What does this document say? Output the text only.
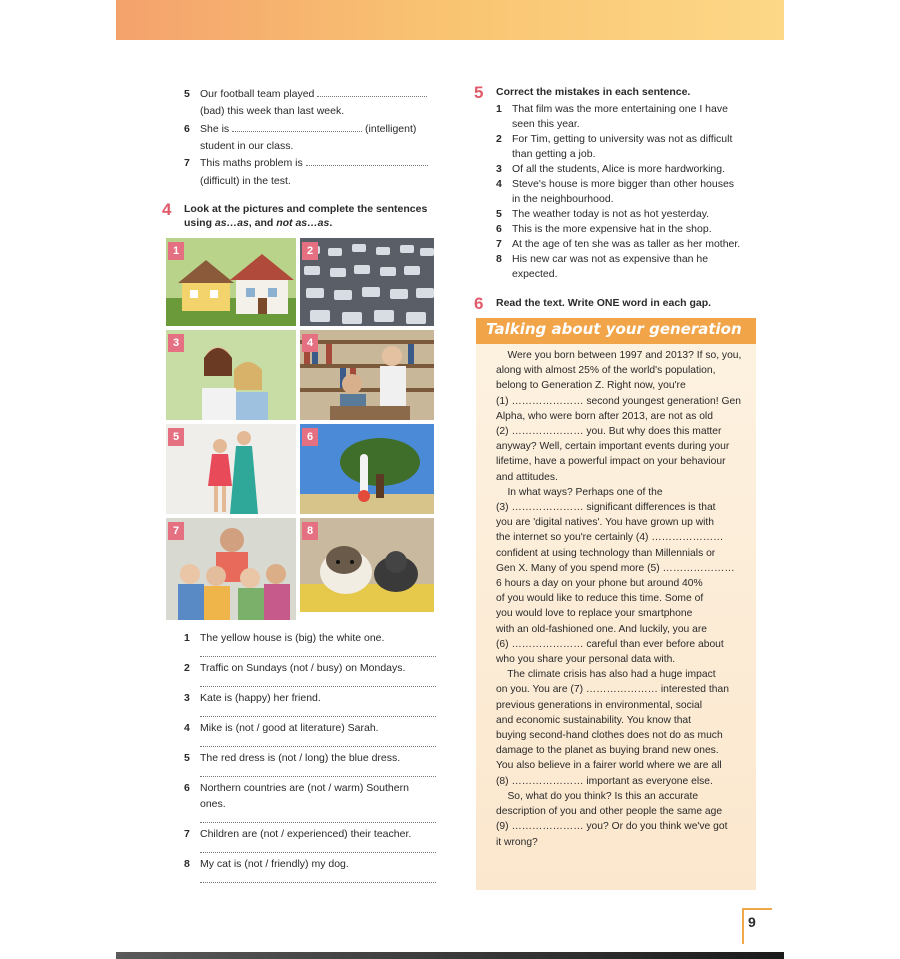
5 Our football team played
(bad) this week than last week.
6 She is	(intelligent)
student in our class.
7 This maths problem is
(difficult) in the test.
4 Look at the pictures and complete the sentences
using as…as, and not as…as.
1	2
3	4
5	6
7	8
1 The yellow house is (big) the white one.
2 Traffic on Sundays (not / busy) on Mondays.
3 Kate is (happy) her friend.
4 Mike is (not / good at literature) Sarah.
5 The red dress is (not / long) the blue dress.
6 Northern countries are (not / warm) Southern
ones.
7 Children are (not / experienced) their teacher.
8 My cat is (not / friendly) my dog.
5 Correct the mistakes in each sentence.
1 That film was the more entertaining one I have
seen this year.
2 For Tim, getting to university was not as difficult
than getting a job.
3 Of all the students, Alice is more hardworking.
4 Steve's house is more bigger than other houses
in the neighbourhood.
5 The weather today is not as hot yesterday.
6 This is the more expensive hat in the shop.
7 At the age of ten she was as taller as her mother.
8 His new car was not as expensive than he
expected.
6 Read the text. Write ONE word in each gap.
Talking about your generation
Were you born between 1997 and 2013? If so, you,
along with almost 25% of the world's population,
belong to Generation Z. Right now, you're
(1) ………………… second youngest generation! Gen
Alpha, who were born after 2013, are not as old
(2) ………………… you. But why does this matter
anyway? Well, certain important events during your
lifetime, have a powerful impact on your behaviour
and attitudes.
In what ways? Perhaps one of the
(3) ………………… significant differences is that
you are 'digital natives'. You have grown up with
the internet so you're certainly (4) …………………
confident at using technology than Millennials or
Gen X. Many of you spend more (5) …………………
6 hours a day on your phone but around 40%
of you would like to reduce this time. Some of
you would love to replace your smartphone
with an old-fashioned one. And luckily, you are
(6) ………………… careful than ever before about
who you share your personal data with.
The climate crisis has also had a huge impact
on you. You are (7) ………………… interested than
previous generations in environmental, social
and economic sustainability. You know that
buying second-hand clothes does not do as much
damage to the planet as buying brand new ones.
You also believe in a fairer world where we are all
(8) ………………… important as everyone else.
So, what do you think? Is this an accurate
description of you and other people the same age
(9) ………………… you? Or do you think we've got
it wrong?
9
